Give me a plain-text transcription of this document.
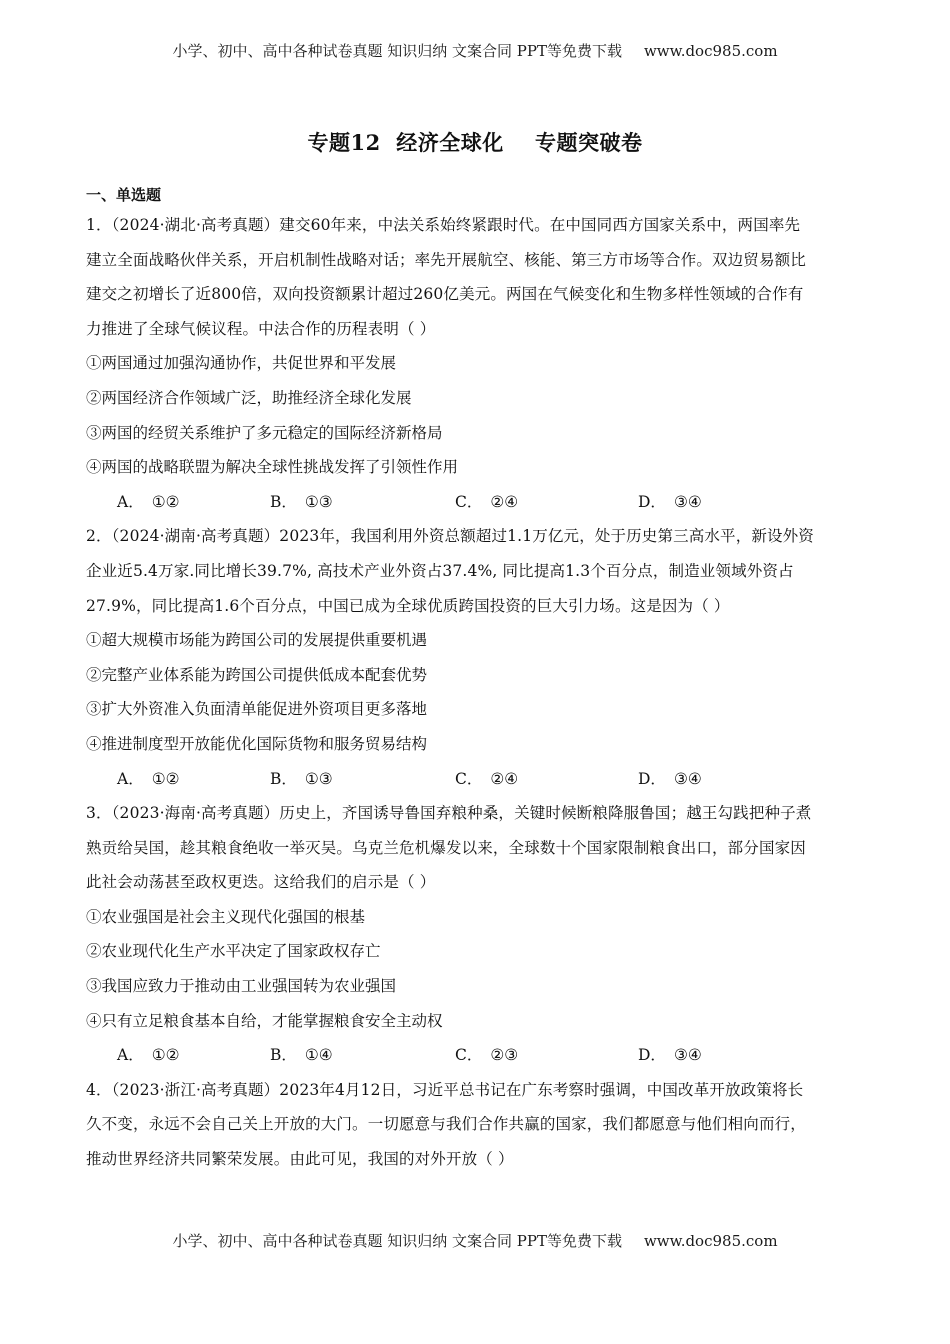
小学、初中、高中各种试卷真题 知识归纳 文案合同 PPT等免费下载 www.doc985.com
专题12  经济全球化    专题突破卷
一、单选题
1．（2024·湖北·高考真题）建交60年来，中法关系始终紧跟时代。在中国同西方国家关系中，两国率先
建立全面战略伙伴关系，开启机制性战略对话；率先开展航空、核能、第三方市场等合作。双边贸易额比
建交之初增长了近800倍，双向投资额累计超过260亿美元。两国在气候变化和生物多样性领域的合作有
力推进了全球气候议程。中法合作的历程表明（ ）
①两国通过加强沟通协作，共促世界和平发展
②两国经济合作领域广泛，助推经济全球化发展
③两国的经贸关系维护了多元稳定的国际经济新格局
④两国的战略联盟为解决全球性挑战发挥了引领性作用
A． ①②	B． ①③	C． ②④	D． ③④
2．（2024·湖南·高考真题）2023年，我国利用外资总额超过1.1万亿元，处于历史第三高水平，新设外资
企业近5.4万家.同比增长39.7%, 高技术产业外资占37.4%, 同比提高1.3个百分点，制造业领域外资占
27.9%，同比提高1.6个百分点，中国已成为全球优质跨国投资的巨大引力场。这是因为（ ）
①超大规模市场能为跨国公司的发展提供重要机遇
②完整产业体系能为跨国公司提供低成本配套优势
③扩大外资准入负面清单能促进外资项目更多落地
④推进制度型开放能优化国际货物和服务贸易结构
A． ①②	B． ①③	C． ②④	D． ③④
3．（2023·海南·高考真题）历史上，齐国诱导鲁国弃粮种桑，关键时候断粮降服鲁国；越王勾践把种子煮
熟贡给吴国，趁其粮食绝收一举灭吴。乌克兰危机爆发以来，全球数十个国家限制粮食出口，部分国家因
此社会动荡甚至政权更迭。这给我们的启示是（ ）
①农业强国是社会主义现代化强国的根基
②农业现代化生产水平决定了国家政权存亡
③我国应致力于推动由工业强国转为农业强国
④只有立足粮食基本自给，才能掌握粮食安全主动权
A． ①②	B． ①④	C． ②③	D． ③④
4．（2023·浙江·高考真题）2023年4月12日，习近平总书记在广东考察时强调，中国改革开放政策将长
久不变，永远不会自己关上开放的大门。一切愿意与我们合作共赢的国家，我们都愿意与他们相向而行，
推动世界经济共同繁荣发展。由此可见，我国的对外开放（ ）
小学、初中、高中各种试卷真题 知识归纳 文案合同 PPT等免费下载 www.doc985.com
